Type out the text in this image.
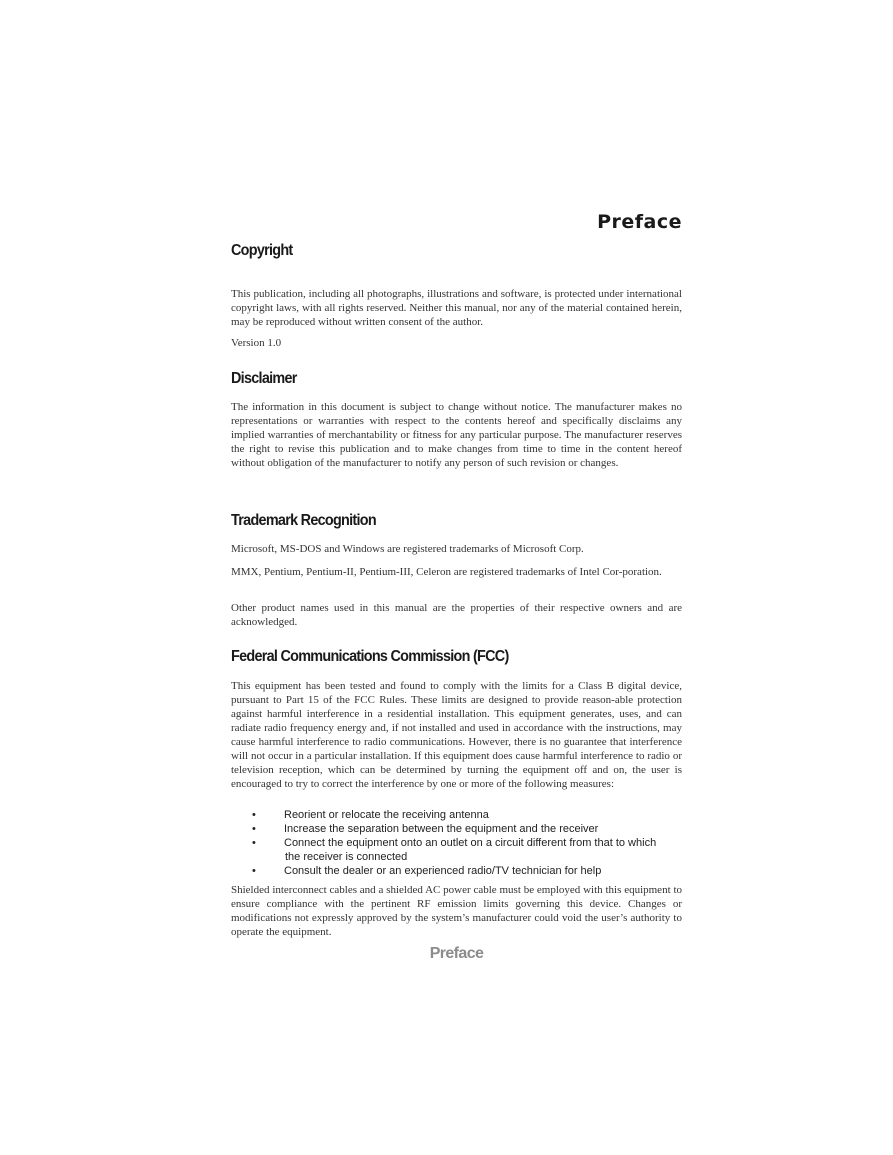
Preface
Copyright

This publication, including all photographs, illustrations and software, is protected under international copyright laws, with all rights reserved. Neither this manual, nor any of the material contained herein, may be reproduced without written consent of the author.

Version 1.0

Disclaimer

The information in this document is subject to change without notice. The manufacturer makes no representations or warranties with respect to the contents hereof and specifically disclaims any implied warranties of merchantability or fitness for any particular purpose. The manufacturer reserves the right to revise this publication and to make changes from time to time in the content hereof without obligation of the manufacturer to notify any person of such revision or changes.

Trademark Recognition

Microsoft, MS-DOS and Windows are registered trademarks of Microsoft Corp.

MMX, Pentium, Pentium-II, Pentium-III, Celeron are registered trademarks of Intel Cor-poration.

Other product names used in this manual are the properties of their respective owners and are acknowledged.

Federal Communications Commission (FCC)

This equipment has been tested and found to comply with the limits for a Class B digital device, pursuant to Part 15 of the FCC Rules. These limits are designed to provide reason-able protection against harmful interference in a residential installation. This equipment generates, uses, and can radiate radio frequency energy and, if not installed and used in accordance with the instructions, may cause harmful interference to radio communications. However, there is no guarantee that interference will not occur in a particular installation. If this equipment does cause harmful interference to radio or television reception, which can be determined by turning the equipment off and on, the user is encouraged to try to correct the interference by one or more of the following measures:

•	Reorient or relocate the receiving antenna
•	Increase the separation between the equipment and the receiver
•	Connect the equipment onto an outlet on a circuit different from that to which
the receiver is connected
•	Consult the dealer or an experienced radio/TV technician for help

Shielded interconnect cables and a shielded AC power cable must be employed with this equipment to ensure compliance with the pertinent RF emission limits governing this device. Changes or modifications not expressly approved by the system’s manufacturer could void the user’s authority to operate the equipment.

Preface
